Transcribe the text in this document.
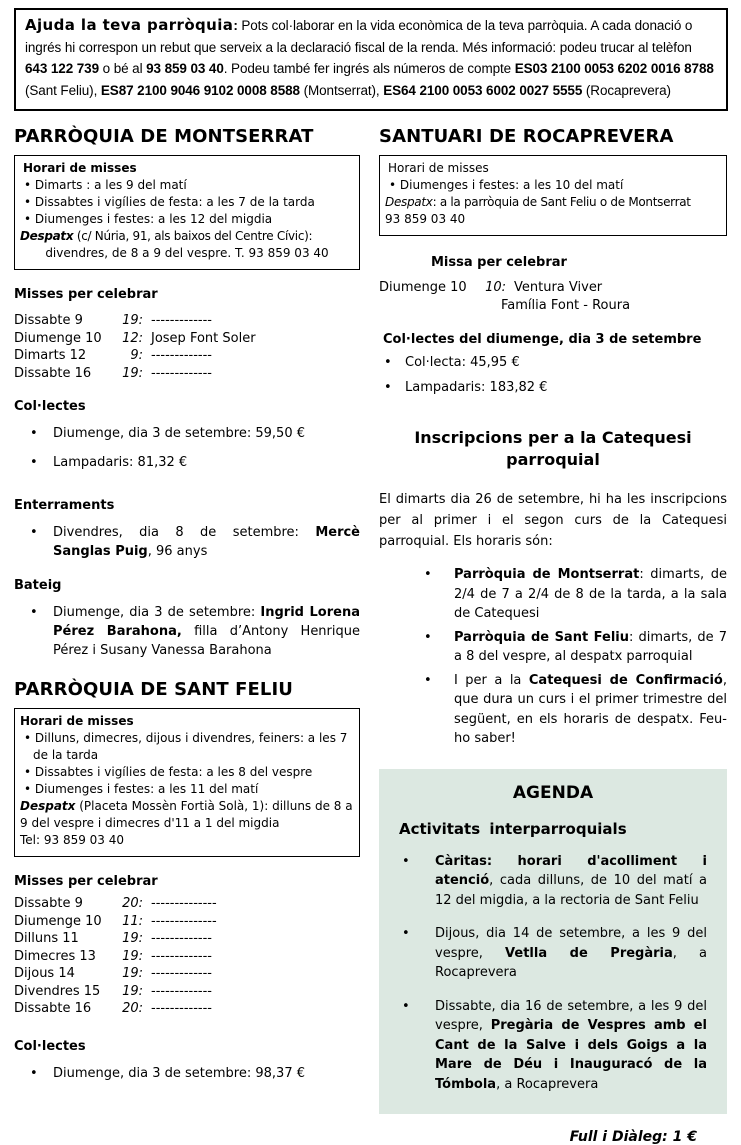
Ajuda la teva parròquia: Pots col·laborar en la vida econòmica de la teva parròquia. A cada donació o ingrés hi correspon un rebut que serveix a la declaració fiscal de la renda. Més informació: podeu trucar al telèfon 643 122 739 o bé al 93 859 03 40. Podeu també fer ingrés als números de compte ES03 2100 0053 6202 0016 8788 (Sant Feliu), ES87 2100 9046 9102 0008 8588 (Montserrat), ES64 2100 0053 6002 0027 5555 (Rocaprevera)
PARRÒQUIA DE MONTSERRAT
Horari de misses
• Dimarts : a les 9 del matí
• Dissabtes i vigílies de festa: a les 7 de la tarda
• Diumenges i festes: a les 12 del migdia
Despatx (c/ Núria, 91, als baixos del Centre Cívic):
divendres, de 8 a 9 del vespre. T. 93 859 03 40
Misses per celebrar
Dissabte 9	19: -------------
Diumenge 10	12: Josep Font Soler
Dimarts 12	9: -------------
Dissabte 16	19: -------------
Col·lectes
•	Diumenge, dia 3 de setembre: 59,50 €
•	Lampadaris: 81,32 €
Enterraments
•	Divendres, dia 8 de setembre: Mercè Sanglas Puig, 96 anys
Bateig
•	Diumenge, dia 3 de setembre: Ingrid Lorena Pérez Barahona, filla d’Antony Henrique Pérez i Susany Vanessa Barahona
PARRÒQUIA DE SANT FELIU
Horari de misses
• Dilluns, dimecres, dijous i divendres, feiners: a les 7 de la tarda
• Dissabtes i vigílies de festa: a les 8 del vespre
• Diumenges i festes: a les 11 del matí
Despatx (Placeta Mossèn Fortià Solà, 1): dilluns de 8 a 9 del vespre i dimecres d'11 a 1 del migdia
Tel: 93 859 03 40
Misses per celebrar
Dissabte 9	20: --------------
Diumenge 10	11: --------------
Dilluns 11	19: -------------
Dimecres 13	19: -------------
Dijous 14	19: -------------
Divendres 15	19: -------------
Dissabte 16	20: -------------
Col·lectes
•	Diumenge, dia 3 de setembre: 98,37 €
SANTUARI DE ROCAPREVERA
Horari de misses
• Diumenges i festes: a les 10 del matí
Despatx: a la parròquia de Sant Feliu o de Montserrat
93 859 03 40
Missa per celebrar
Diumenge 10	10: Ventura Viver
Família Font - Roura
Col·lectes del diumenge, dia 3 de setembre
•	Col·lecta: 45,95 €
•	Lampadaris: 183,82 €
Inscripcions per a la Catequesi parroquial
El dimarts dia 26 de setembre, hi ha les inscripcions per al primer i el segon curs de la Catequesi parroquial. Els horaris són:
•	Parròquia de Montserrat: dimarts, de 2/4 de 7 a 2/4 de 8 de la tarda, a la sala de Catequesi
•	Parròquia de Sant Feliu: dimarts, de 7 a 8 del vespre, al despatx parroquial
•	I per a la Catequesi de Confirmació, que dura un curs i el primer trimestre del següent, en els horaris de despatx. Feu-ho saber!
AGENDA
Activitats interparroquials
•	Càritas: horari d'acolliment i atenció, cada dilluns, de 10 del matí a 12 del migdia, a la rectoria de Sant Feliu
•	Dijous, dia 14 de setembre, a les 9 del vespre, Vetlla de Pregària, a Rocaprevera
•	Dissabte, dia 16 de setembre, a les 9 del vespre, Pregària de Vespres amb el Cant de la Salve i dels Goigs a la Mare de Déu i Inauguracó de la Tómbola, a Rocaprevera
Full i Diàleg: 1 €
